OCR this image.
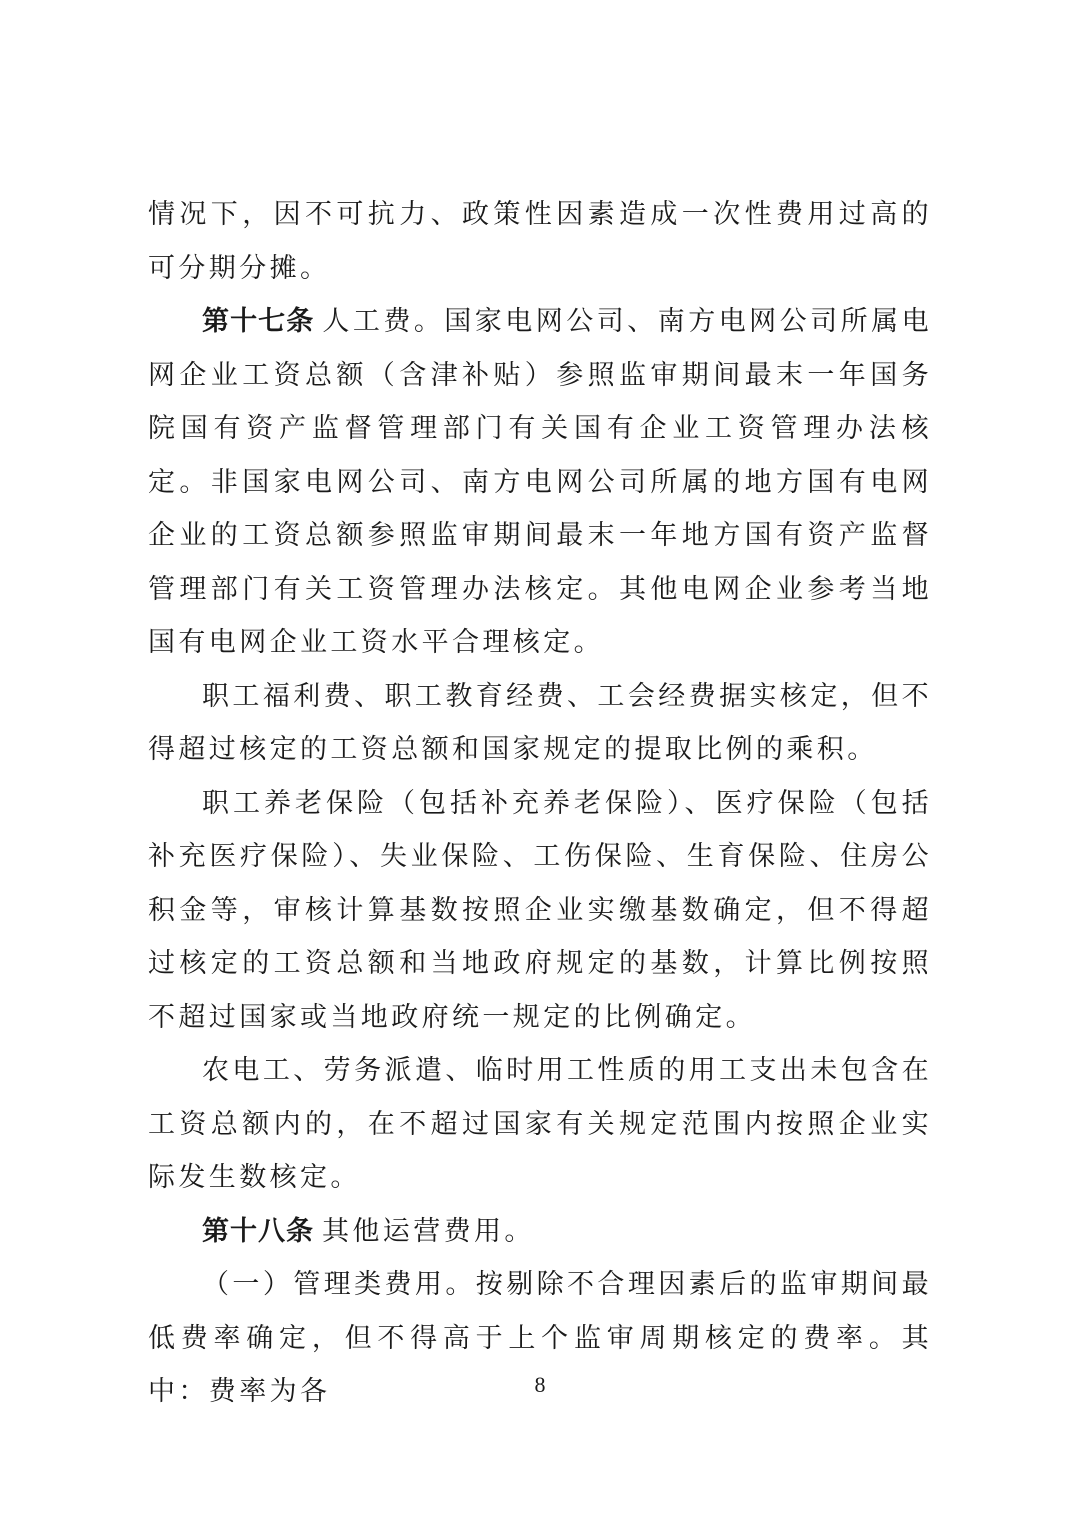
情况下，因不可抗力、政策性因素造成一次性费用过高的可分期分摊。

第十七条 人工费。国家电网公司、南方电网公司所属电网企业工资总额（含津补贴）参照监审期间最末一年国务院国有资产监督管理部门有关国有企业工资管理办法核定。非国家电网公司、南方电网公司所属的地方国有电网企业的工资总额参照监审期间最末一年地方国有资产监督管理部门有关工资管理办法核定。其他电网企业参考当地国有电网企业工资水平合理核定。

职工福利费、职工教育经费、工会经费据实核定，但不得超过核定的工资总额和国家规定的提取比例的乘积。

职工养老保险（包括补充养老保险）、医疗保险（包括补充医疗保险）、失业保险、工伤保险、生育保险、住房公积金等，审核计算基数按照企业实缴基数确定，但不得超过核定的工资总额和当地政府规定的基数，计算比例按照不超过国家或当地政府统一规定的比例确定。

农电工、劳务派遣、临时用工性质的用工支出未包含在工资总额内的，在不超过国家有关规定范围内按照企业实际发生数核定。

第十八条 其他运营费用。

（一）管理类费用。按剔除不合理因素后的监审期间最低费率确定，但不得高于上个监审周期核定的费率。其中：费率为各	8
